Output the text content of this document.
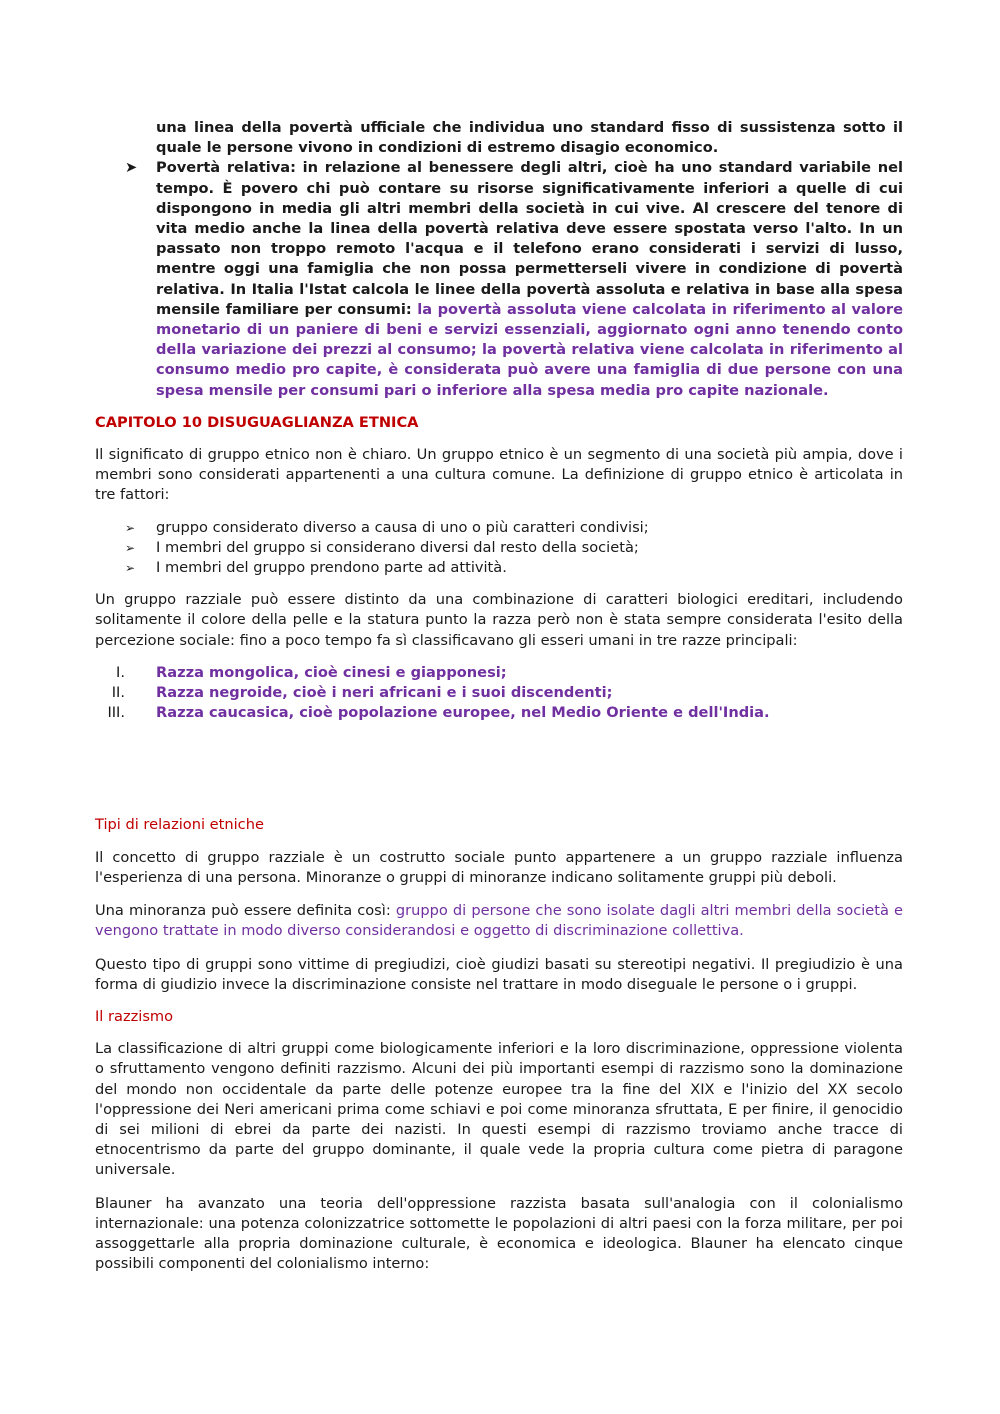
una linea della povertà ufficiale che individua uno standard fisso di sussistenza sotto il quale le persone vivono in condizioni di estremo disagio economico.

➤ Povertà relativa: in relazione al benessere degli altri, cioè ha uno standard variabile nel tempo. È povero chi può contare su risorse significativamente inferiori a quelle di cui dispongono in media gli altri membri della società in cui vive. Al crescere del tenore di vita medio anche la linea della povertà relativa deve essere spostata verso l'alto. In un passato non troppo remoto l'acqua e il telefono erano considerati i servizi di lusso, mentre oggi una famiglia che non possa permetterseli vivere in condizione di povertà relativa. In Italia l'Istat calcola le linee della povertà assoluta e relativa in base alla spesa mensile familiare per consumi: la povertà assoluta viene calcolata in riferimento al valore monetario di un paniere di beni e servizi essenziali, aggiornato ogni anno tenendo conto della variazione dei prezzi al consumo; la povertà relativa viene calcolata in riferimento al consumo medio pro capite, è considerata può avere una famiglia di due persone con una spesa mensile per consumi pari o inferiore alla spesa media pro capite nazionale.
CAPITOLO 10 DISUGUAGLIANZA ETNICA

Il significato di gruppo etnico non è chiaro. Un gruppo etnico è un segmento di una società più ampia, dove i membri sono considerati appartenenti a una cultura comune. La definizione di gruppo etnico è articolata in tre fattori:

➢ gruppo considerato diverso a causa di uno o più caratteri condivisi;
➢ I membri del gruppo si considerano diversi dal resto della società;
➢ I membri del gruppo prendono parte ad attività.

Un gruppo razziale può essere distinto da una combinazione di caratteri biologici ereditari, includendo solitamente il colore della pelle e la statura punto la razza però non è stata sempre considerata l'esito della percezione sociale: fino a poco tempo fa sì classificavano gli esseri umani in tre razze principali:

I. Razza mongolica, cioè cinesi e giapponesi;
II. Razza negroide, cioè i neri africani e i suoi discendenti;
III. Razza caucasica, cioè popolazione europee, nel Medio Oriente e dell'India.
Tipi di relazioni etniche

Il concetto di gruppo razziale è un costrutto sociale punto appartenere a un gruppo razziale influenza l'esperienza di una persona. Minoranze o gruppi di minoranze indicano solitamente gruppi più deboli.

Una minoranza può essere definita così: gruppo di persone che sono isolate dagli altri membri della società e vengono trattate in modo diverso considerandosi e oggetto di discriminazione collettiva.

Questo tipo di gruppi sono vittime di pregiudizi, cioè giudizi basati su stereotipi negativi. Il pregiudizio è una forma di giudizio invece la discriminazione consiste nel trattare in modo diseguale le persone o i gruppi.

Il razzismo

La classificazione di altri gruppi come biologicamente inferiori e la loro discriminazione, oppressione violenta o sfruttamento vengono definiti razzismo. Alcuni dei più importanti esempi di razzismo sono la dominazione del mondo non occidentale da parte delle potenze europee tra la fine del XIX e l'inizio del XX secolo l'oppressione dei Neri americani prima come schiavi e poi come minoranza sfruttata, E per finire, il genocidio di sei milioni di ebrei da parte dei nazisti. In questi esempi di razzismo troviamo anche tracce di etnocentrismo da parte del gruppo dominante, il quale vede la propria cultura come pietra di paragone universale.

Blauner ha avanzato una teoria dell'oppressione razzista basata sull'analogia con il colonialismo internazionale: una potenza colonizzatrice sottomette le popolazioni di altri paesi con la forza militare, per poi assoggettarle alla propria dominazione culturale, è economica e ideologica. Blauner ha elencato cinque possibili componenti del colonialismo interno:
